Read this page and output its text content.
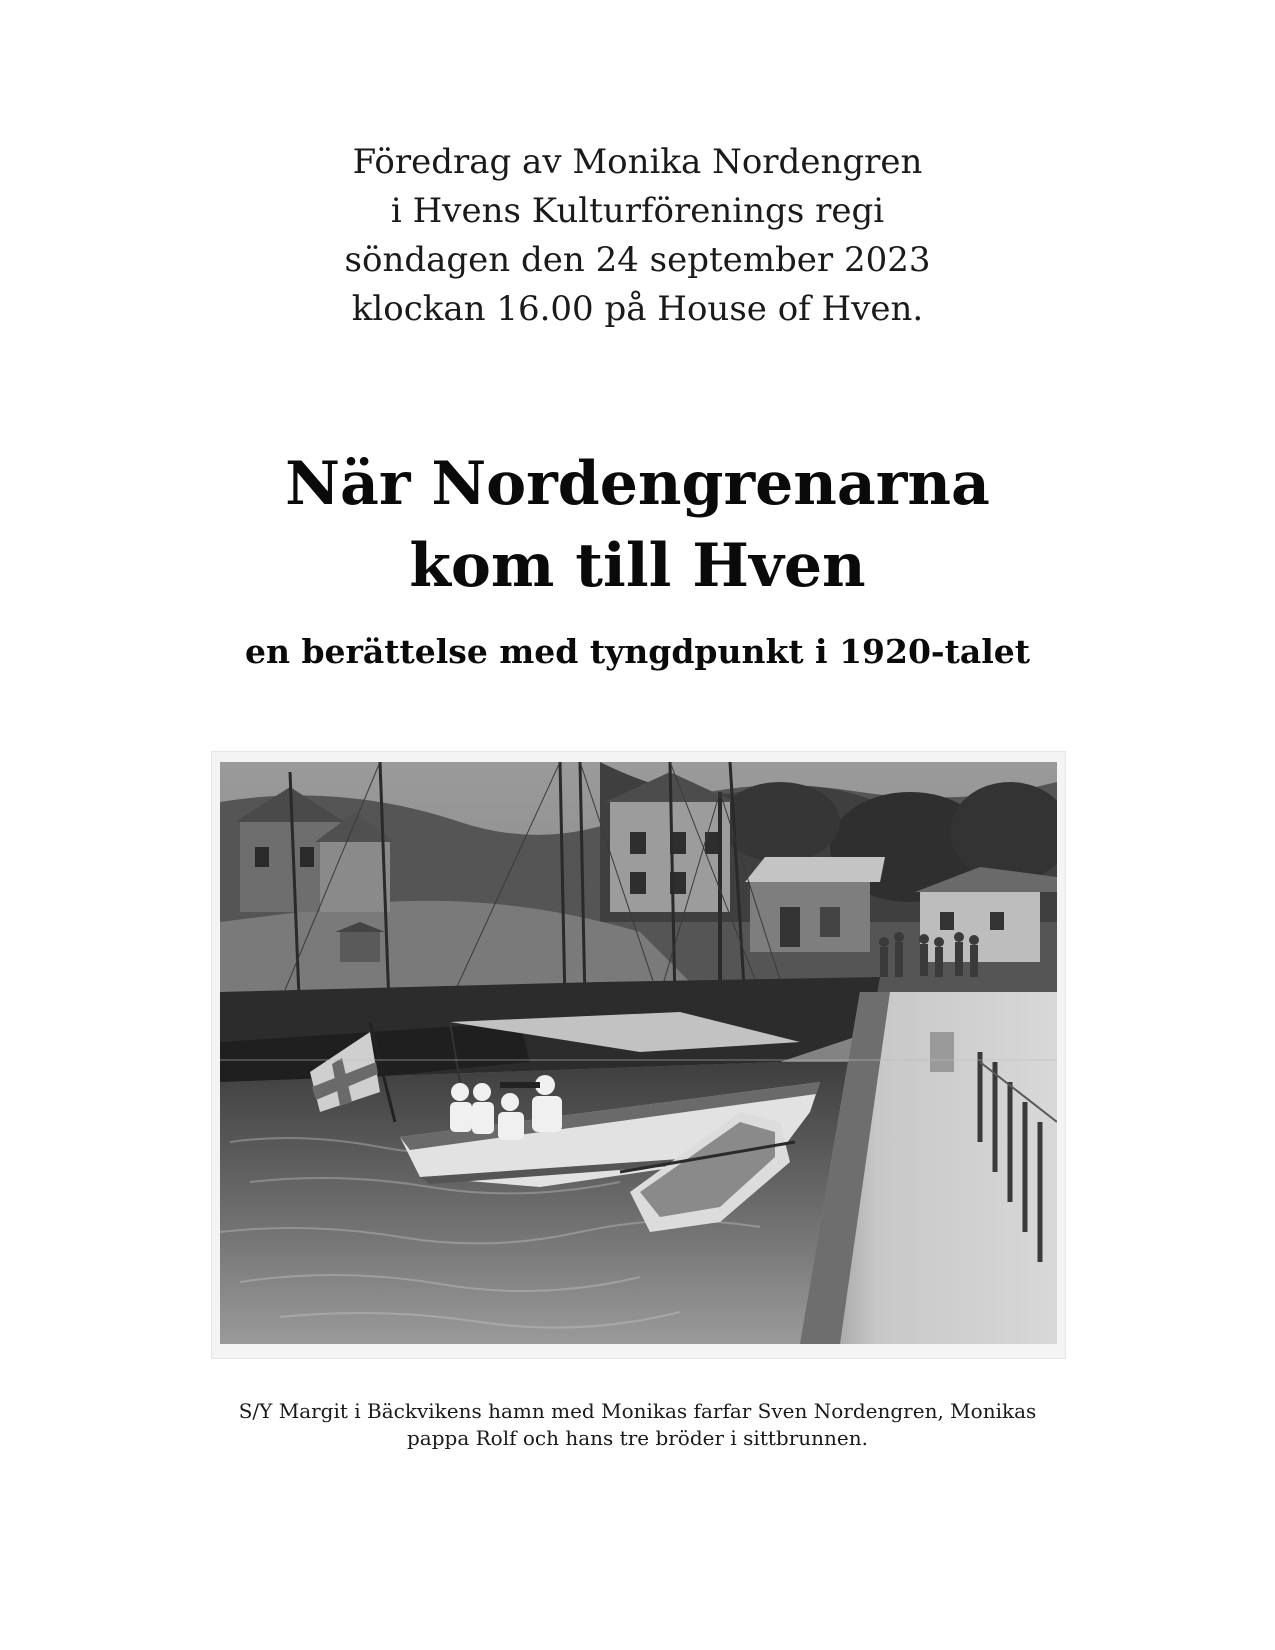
Föredrag av Monika Nordengren
i Hvens Kulturförenings regi
söndagen den 24 september 2023
klockan 16.00 på House of Hven.
När Nordengrenarna
kom till Hven
en berättelse med tyngdpunkt i 1920-talet
S/Y Margit i Bäckvikens hamn med Monikas farfar Sven Nordengren, Monikas
pappa Rolf och hans tre bröder i sittbrunnen.
